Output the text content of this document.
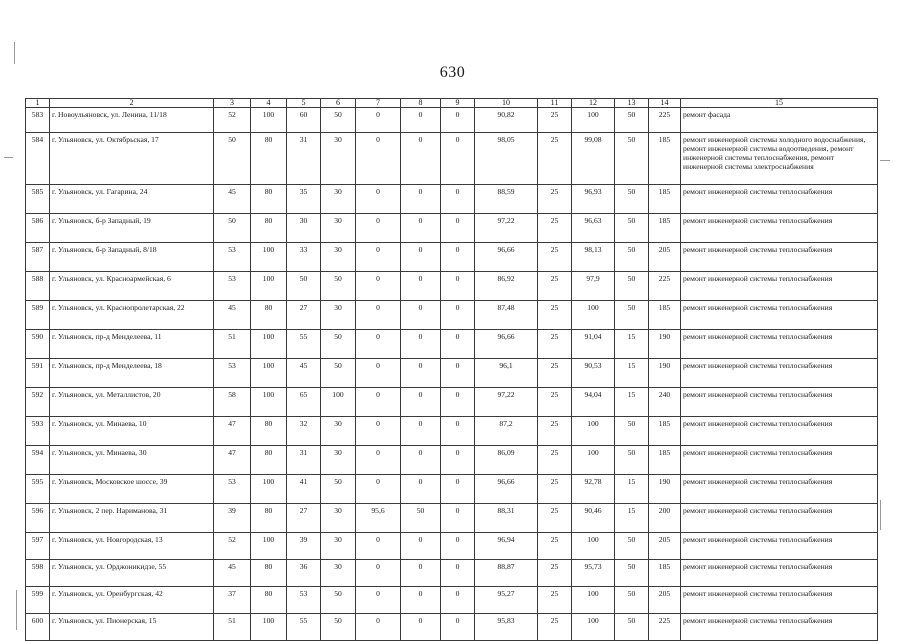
630
1	2	3	4	5	6	7	8	9	10	11	12	13	14	15
583	г. Новоульяновск, ул. Ленина, 11/18	52	100	60	50	0	0	0	90,82	25	100	50	225	ремонт фасада
584	г. Ульяновск, ул. Октябрьская, 17	50	80	31	30	0	0	0	98,05	25	99,08	50	185	ремонт инженерной системы холодного водоснабжения, ремонт инженерной системы водоотведения, ремонт инженерной системы теплоснабжения, ремонт инженерной системы электроснабжения
585	г. Ульяновск, ул. Гагарина, 24	45	80	35	30	0	0	0	88,59	25	96,93	50	185	ремонт инженерной системы теплоснабжения
586	г. Ульяновск, б-р Западный, 19	50	80	30	30	0	0	0	97,22	25	96,63	50	185	ремонт инженерной системы теплоснабжения
587	г. Ульяновск, б-р Западный, 8/18	53	100	33	30	0	0	0	96,66	25	98,13	50	205	ремонт инженерной системы теплоснабжения
588	г. Ульяновск, ул. Красноармейская, 6	53	100	50	50	0	0	0	86,92	25	97,9	50	225	ремонт инженерной системы теплоснабжения
589	г. Ульяновск, ул. Краснопролетарская, 22	45	80	27	30	0	0	0	87,48	25	100	50	185	ремонт инженерной системы теплоснабжения
590	г. Ульяновск, пр-д Менделеева, 11	51	100	55	50	0	0	0	96,66	25	91,04	15	190	ремонт инженерной системы теплоснабжения
591	г. Ульяновск, пр-д Менделеева, 18	53	100	45	50	0	0	0	96,1	25	90,53	15	190	ремонт инженерной системы теплоснабжения
592	г. Ульяновск, ул. Металлистов, 20	58	100	65	100	0	0	0	97,22	25	94,04	15	240	ремонт инженерной системы теплоснабжения
593	г. Ульяновск, ул. Минаева, 10	47	80	32	30	0	0	0	87,2	25	100	50	185	ремонт инженерной системы теплоснабжения
594	г. Ульяновск, ул. Минаева, 30	47	80	31	30	0	0	0	86,09	25	100	50	185	ремонт инженерной системы теплоснабжения
595	г. Ульяновск, Московское шоссе, 39	53	100	41	50	0	0	0	96,66	25	92,78	15	190	ремонт инженерной системы теплоснабжения
596	г. Ульяновск, 2 пер. Нариманова, 31	39	80	27	30	95,6	50	0	88,31	25	90,46	15	200	ремонт инженерной системы теплоснабжения
597	г. Ульяновск, ул. Новгородская, 13	52	100	39	30	0	0	0	96,94	25	100	50	205	ремонт инженерной системы теплоснабжения
598	г. Ульяновск, ул. Орджоникидзе, 55	45	80	36	30	0	0	0	88,87	25	95,73	50	185	ремонт инженерной системы теплоснабжения
599	г. Ульяновск, ул. Оренбургская, 42	37	80	53	50	0	0	0	95,27	25	100	50	205	ремонт инженерной системы теплоснабжения
600	г. Ульяновск, ул. Пионерская, 15	51	100	55	50	0	0	0	95,83	25	100	50	225	ремонт инженерной системы теплоснабжения
